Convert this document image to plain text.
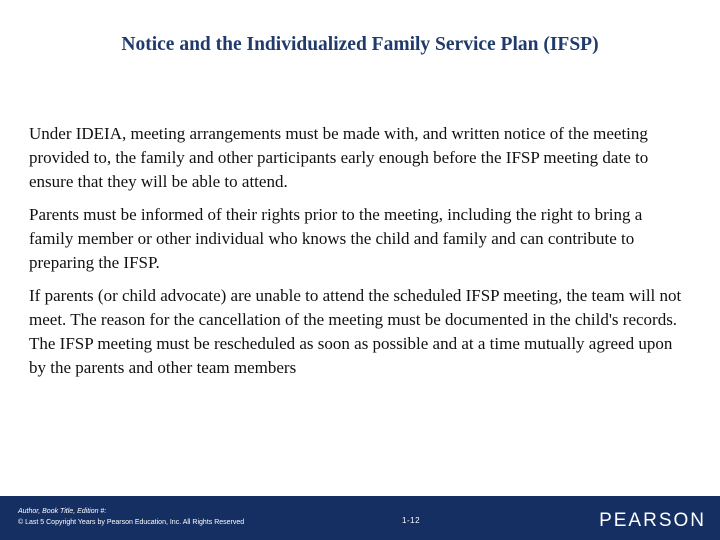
Notice and the Individualized Family Service Plan (IFSP)

Under IDEIA, meeting arrangements must be made with, and written notice of the meeting provided to, the family and other participants early enough before the IFSP meeting date to ensure that they will be able to attend.

Parents must be informed of their rights prior to the meeting, including the right to bring a family member or other individual who knows the child and family and can contribute to preparing the IFSP.

If parents (or child advocate) are unable to attend the scheduled IFSP meeting, the team will not meet. The reason for the cancellation of the meeting must be documented in the child's records. The IFSP meeting must be rescheduled as soon as possible and at a time mutually agreed upon by the parents and other team members

Author, Book Title, Edition #:
© Last 5 Copyright Years by Pearson Education, Inc. All Rights Reserved	1-12	PEARSON
